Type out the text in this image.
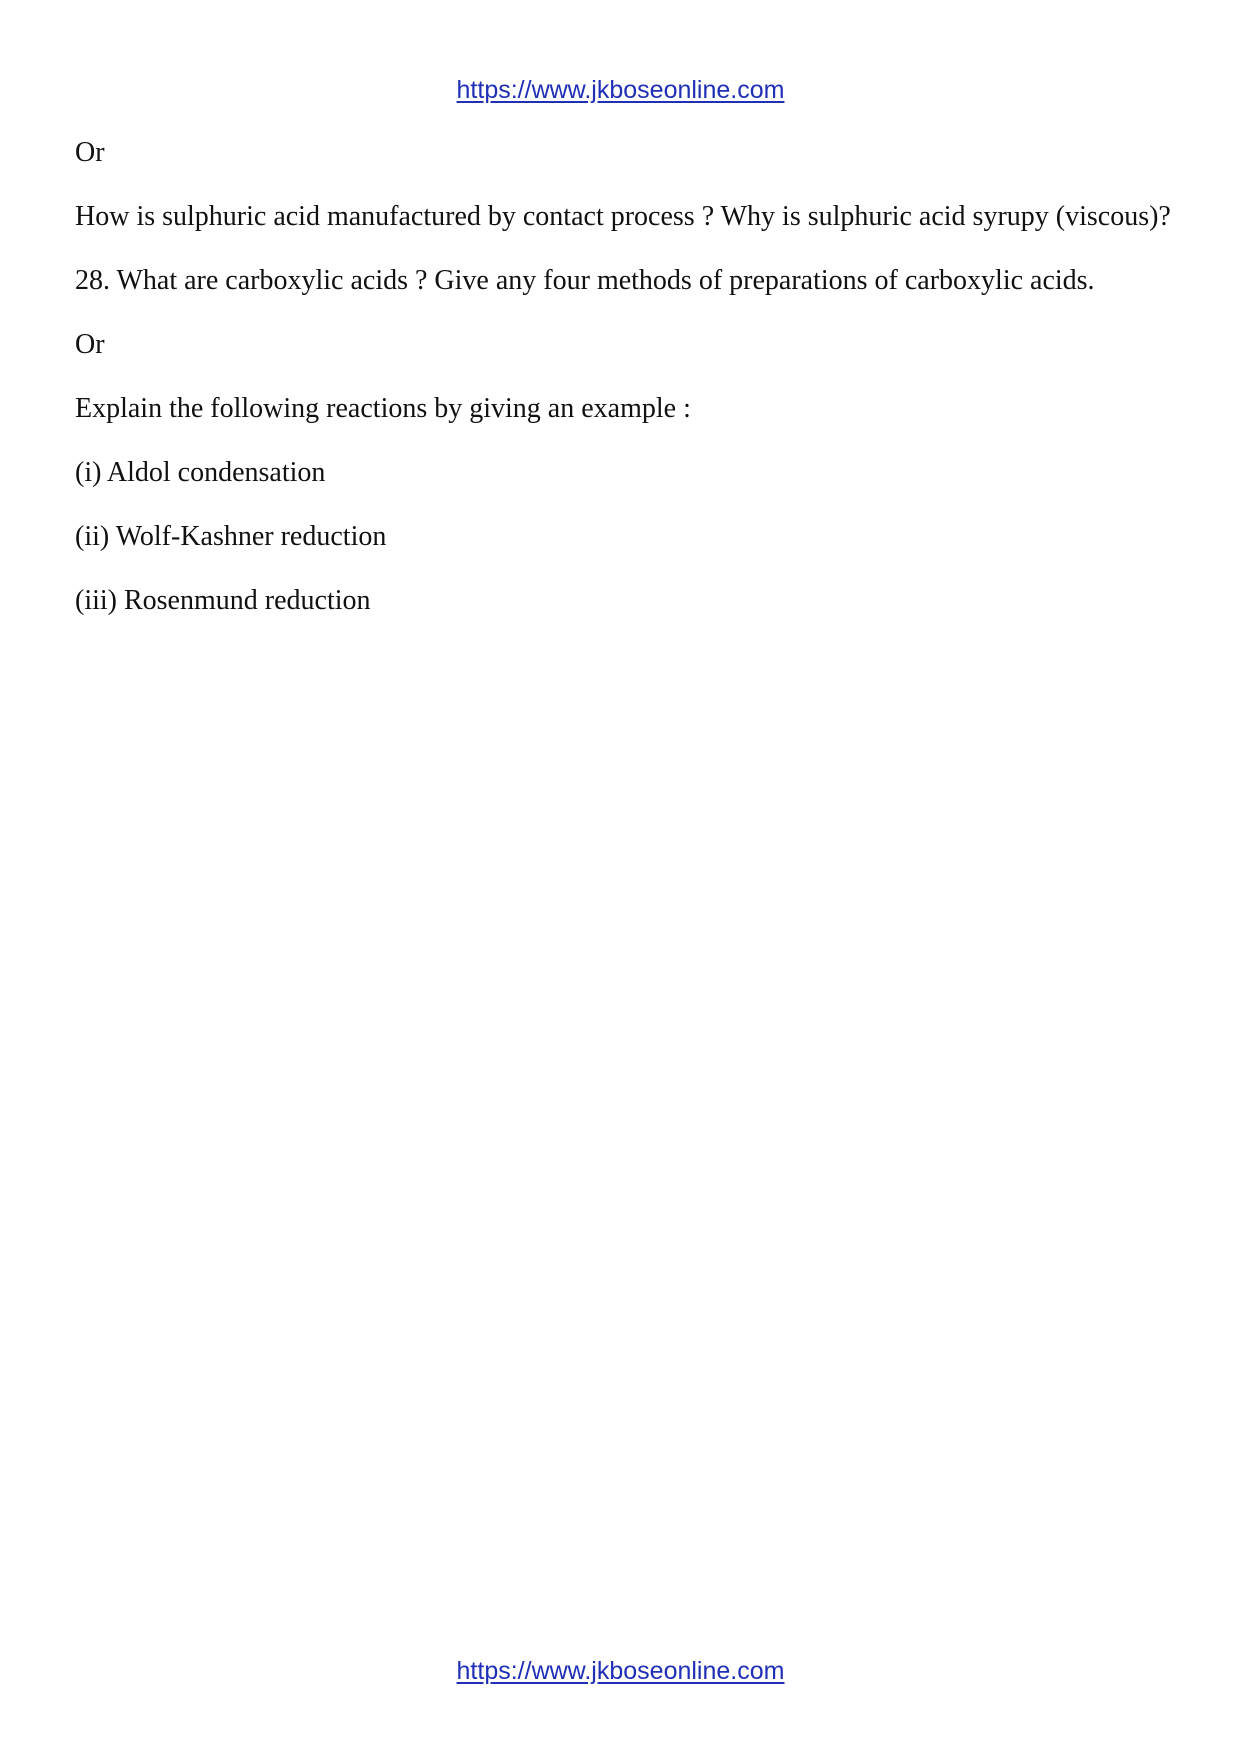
https://www.jkboseonline.com

Or

How is sulphuric acid manufactured by contact process ? Why is sulphuric acid syrupy (viscous)?

28. What are carboxylic acids ? Give any four methods of preparations of carboxylic acids.

Or

Explain the following reactions by giving an example :

(i) Aldol condensation

(ii) Wolf-Kashner reduction

(iii) Rosenmund reduction

https://www.jkboseonline.com
